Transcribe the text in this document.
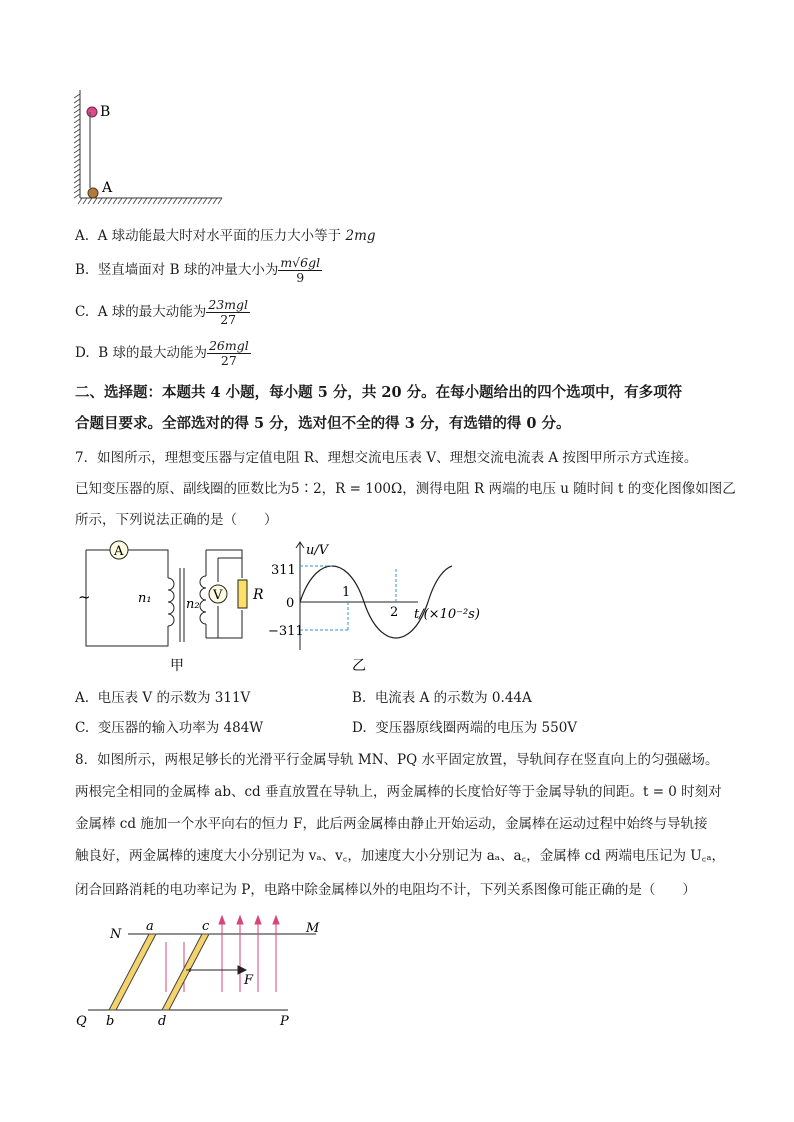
B
A
A. A 球动能最大时对水平面的压力大小等于 2mg
B. 竖直墙面对 B 球的冲量大小为 $\frac{m√6gl}{9}$
C. A 球的最大动能为 $\frac{\text{23mgl}}{27}$
D. B 球的最大动能为 $\frac{\text{26mgl}}{27}$
二、选择题：本题共 4 小题，每小题 5 分，共 20 分。在每小题给出的四个选项中，有多项符
合题目要求。全部选对的得 5 分，选对但不全的得 3 分，有选错的得 0 分。
7．如图所示，理想变压器与定值电阻 R、理想交流电压表 V、理想交流电流表 A 按图甲所示方式连接。
已知变压器的原、副线圈的匝数比为5∶2，R = 100Ω，测得电阻 R 两端的电压 u 随时间 t 的变化图像如图乙
所示，下列说法正确的是（　　）
A
V R
~	n₁	n₂
甲
u/V
311
0
−311
1
2 t/(×10⁻²s)
乙
A. 电压表 V 的示数为 311V	B. 电流表 A 的示数为 0.44A
C. 变压器的输入功率为 484W	D. 变压器原线圈两端的电压为 550V
8．如图所示，两根足够长的光滑平行金属导轨 MN、PQ 水平固定放置，导轨间存在竖直向上的匀强磁场。
两根完全相同的金属棒 ab、cd 垂直放置在导轨上，两金属棒的长度恰好等于金属导轨的间距。t = 0 时刻对
金属棒 cd 施加一个水平向右的恒力 F，此后两金属棒由静止开始运动，金属棒在运动过程中始终与导轨接
触良好，两金属棒的速度大小分别记为 vₐ、v꜀，加速度大小分别记为 aₐ、a꜀，金属棒 cd 两端电压记为 U꜀ₐ，
闭合回路消耗的电功率记为 P，电路中除金属棒以外的电阻均不计，下列关系图像可能正确的是（　　）
N	M
Q	P
a
b
c
d
F
